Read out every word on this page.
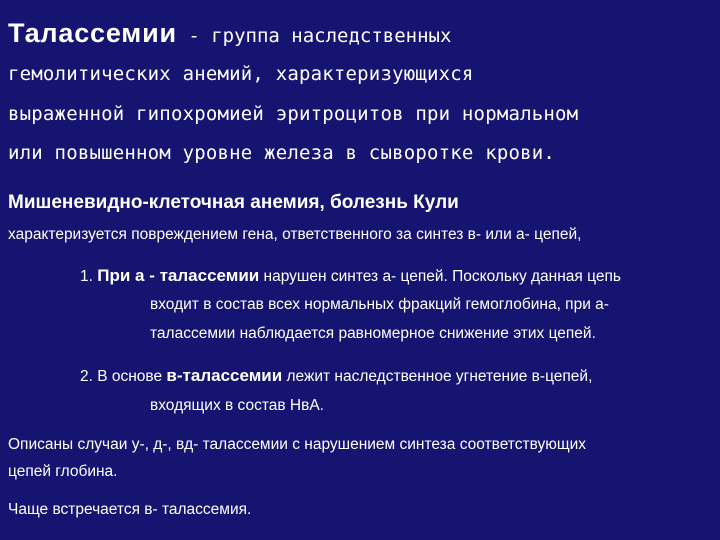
Талассемии - группа наследственных
гемолитических анемий, характеризующихся
выраженной гипохромией эритроцитов при нормальном
или повышенном уровне железа в сыворотке крови.
Мишеневидно-клеточная анемия, болезнь Кули
характеризуется повреждением гена, ответственного за синтез в- или а- цепей,
1. При а - талассемии нарушен синтез а- цепей. Поскольку данная цепь
входит в состав всех нормальных фракций гемоглобина, при а-
талассемии наблюдается равномерное снижение этих цепей.
2. В основе в-талассемии лежит наследственное угнетение в-цепей,
входящих в состав НвА.
Описаны случаи у-, д-, вд- талассемии с нарушением синтеза соответствующих
цепей глобина.
Чаще встречается в- талассемия.
